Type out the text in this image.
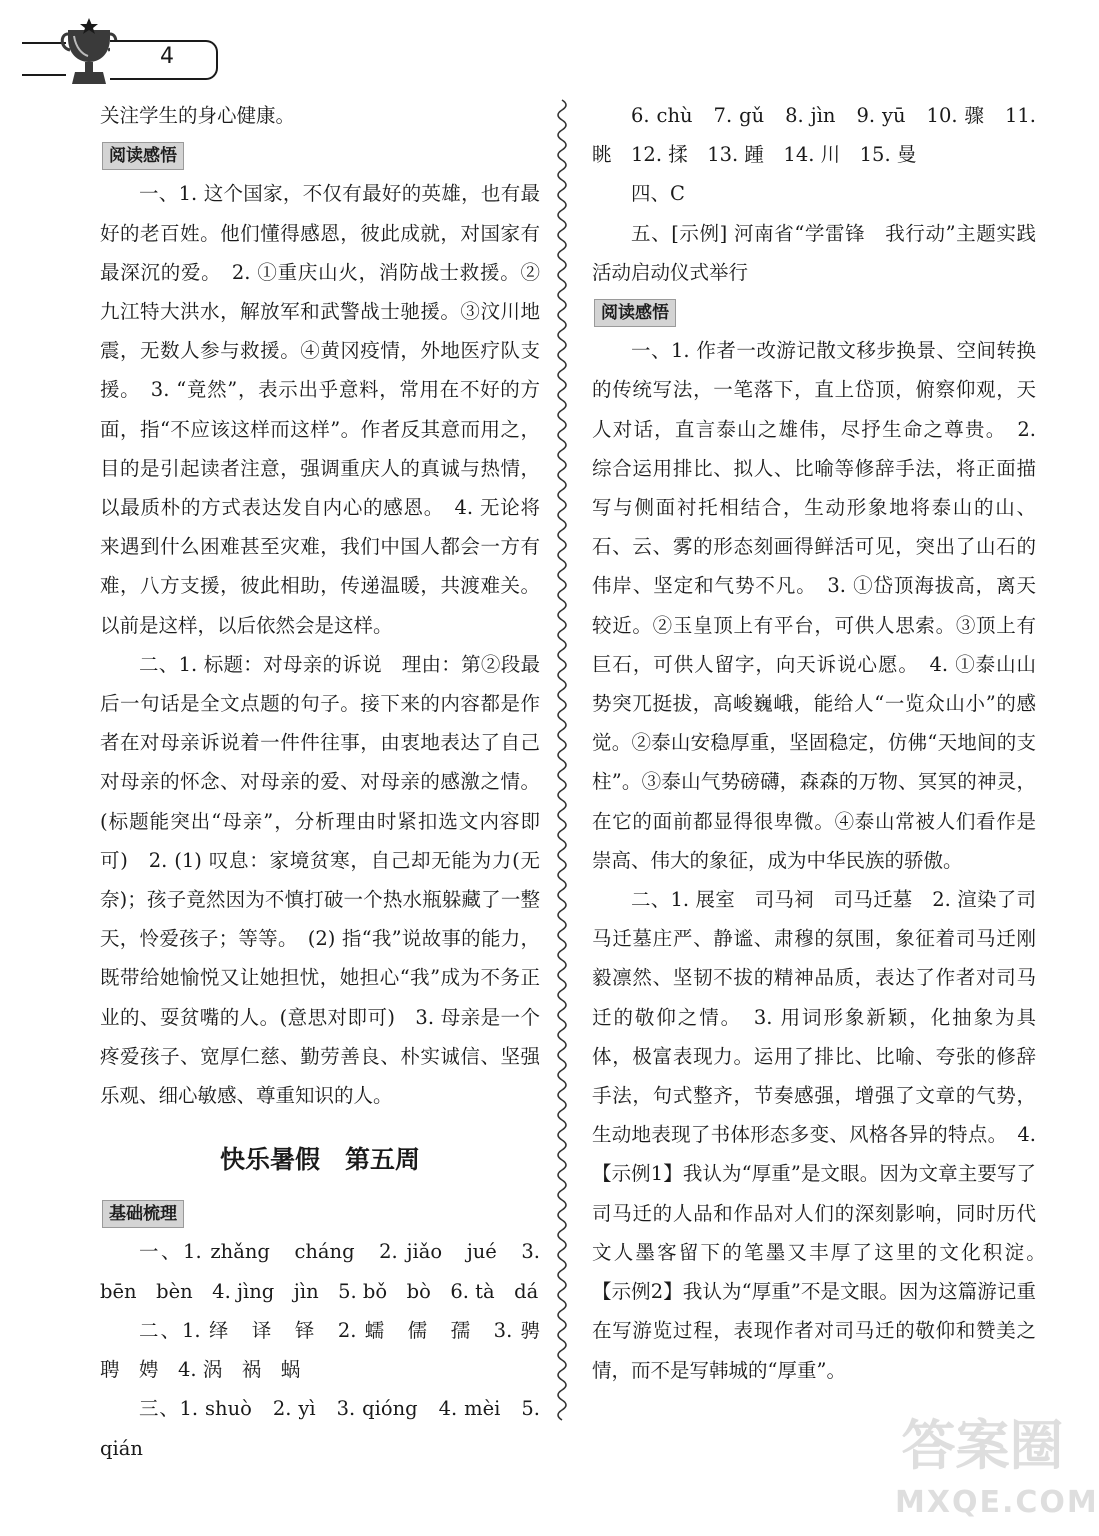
4

关注学生的身心健康。

阅读感悟

一、1. 这个国家，不仅有最好的英雄，也有最好的老百姓。他们懂得感恩，彼此成就，对国家有最深沉的爱。　2. ①重庆山火，消防战士救援。②九江特大洪水，解放军和武警战士驰援。③汶川地震，无数人参与救援。④黄冈疫情，外地医疗队支援。　3. “竟然”，表示出乎意料，常用在不好的方面，指“不应该这样而这样”。作者反其意而用之，目的是引起读者注意，强调重庆人的真诚与热情，以最质朴的方式表达发自内心的感恩。　4. 无论将来遇到什么困难甚至灾难，我们中国人都会一方有难，八方支援，彼此相助，传递温暖，共渡难关。以前是这样，以后依然会是这样。

二、1. 标题：对母亲的诉说　理由：第②段最后一句话是全文点题的句子。接下来的内容都是作者在对母亲诉说着一件件往事，由衷地表达了自己对母亲的怀念、对母亲的爱、对母亲的感激之情。(标题能突出“母亲”，分析理由时紧扣选文内容即可)　2. (1) 叹息：家境贫寒，自己却无能为力(无奈)；孩子竟然因为不慎打破一个热水瓶躲藏了一整天，怜爱孩子；等等。　(2) 指“我”说故事的能力，既带给她愉悦又让她担忧，她担心“我”成为不务正业的、耍贫嘴的人。(意思对即可)　3. 母亲是一个疼爱孩子、宽厚仁慈、勤劳善良、朴实诚信、坚强乐观、细心敏感、尊重知识的人。

快乐暑假　第五周
基础梳理

一、1. zhǎng　cháng　2. jiǎo　jué　3. bēn　bèn　4. jìng　jìn　5. bǒ　bò　6. tà　dá

二、1. 绎　译　铎　2. 蠕　儒　孺　3. 骋　聘　娉　4. 涡　祸　蜗

三、1. shuò　2. yì　3. qióng　4. mèi　5. qián

6. chù　7. gǔ　8. jìn　9. yū　10. 骤　11. 眺　12. 揉　13. 踵　14. 川　15. 曼

四、C

五、[示例] 河南省“学雷锋　我行动”主题实践活动启动仪式举行

阅读感悟

一、1. 作者一改游记散文移步换景、空间转换的传统写法，一笔落下，直上岱顶，俯察仰观，天人对话，直言泰山之雄伟，尽抒生命之尊贵。　2. 综合运用排比、拟人、比喻等修辞手法，将正面描写与侧面衬托相结合，生动形象地将泰山的山、石、云、雾的形态刻画得鲜活可见，突出了山石的伟岸、坚定和气势不凡。　3. ①岱顶海拔高，离天较近。②玉皇顶上有平台，可供人思索。③顶上有巨石，可供人留字，向天诉说心愿。　4. ①泰山山势突兀挺拔，高峻巍峨，能给人“一览众山小”的感觉。②泰山安稳厚重，坚固稳定，仿佛“天地间的支柱”。③泰山气势磅礴，森森的万物、冥冥的神灵，在它的面前都显得很卑微。④泰山常被人们看作是崇高、伟大的象征，成为中华民族的骄傲。

二、1. 展室　司马祠　司马迁墓　2. 渲染了司马迁墓庄严、静谧、肃穆的氛围，象征着司马迁刚毅凛然、坚韧不拔的精神品质，表达了作者对司马迁的敬仰之情。　3. 用词形象新颖，化抽象为具体，极富表现力。运用了排比、比喻、夸张的修辞手法，句式整齐，节奏感强，增强了文章的气势，生动地表现了书体形态多变、风格各异的特点。　4.【示例1】我认为“厚重”是文眼。因为文章主要写了司马迁的人品和作品对人们的深刻影响，同时历代文人墨客留下的笔墨又丰厚了这里的文化积淀。　【示例2】我认为“厚重”不是文眼。因为这篇游记重在写游览过程，表现作者对司马迁的敬仰和赞美之情，而不是写韩城的“厚重”。

答案圈
MXQE.COM
